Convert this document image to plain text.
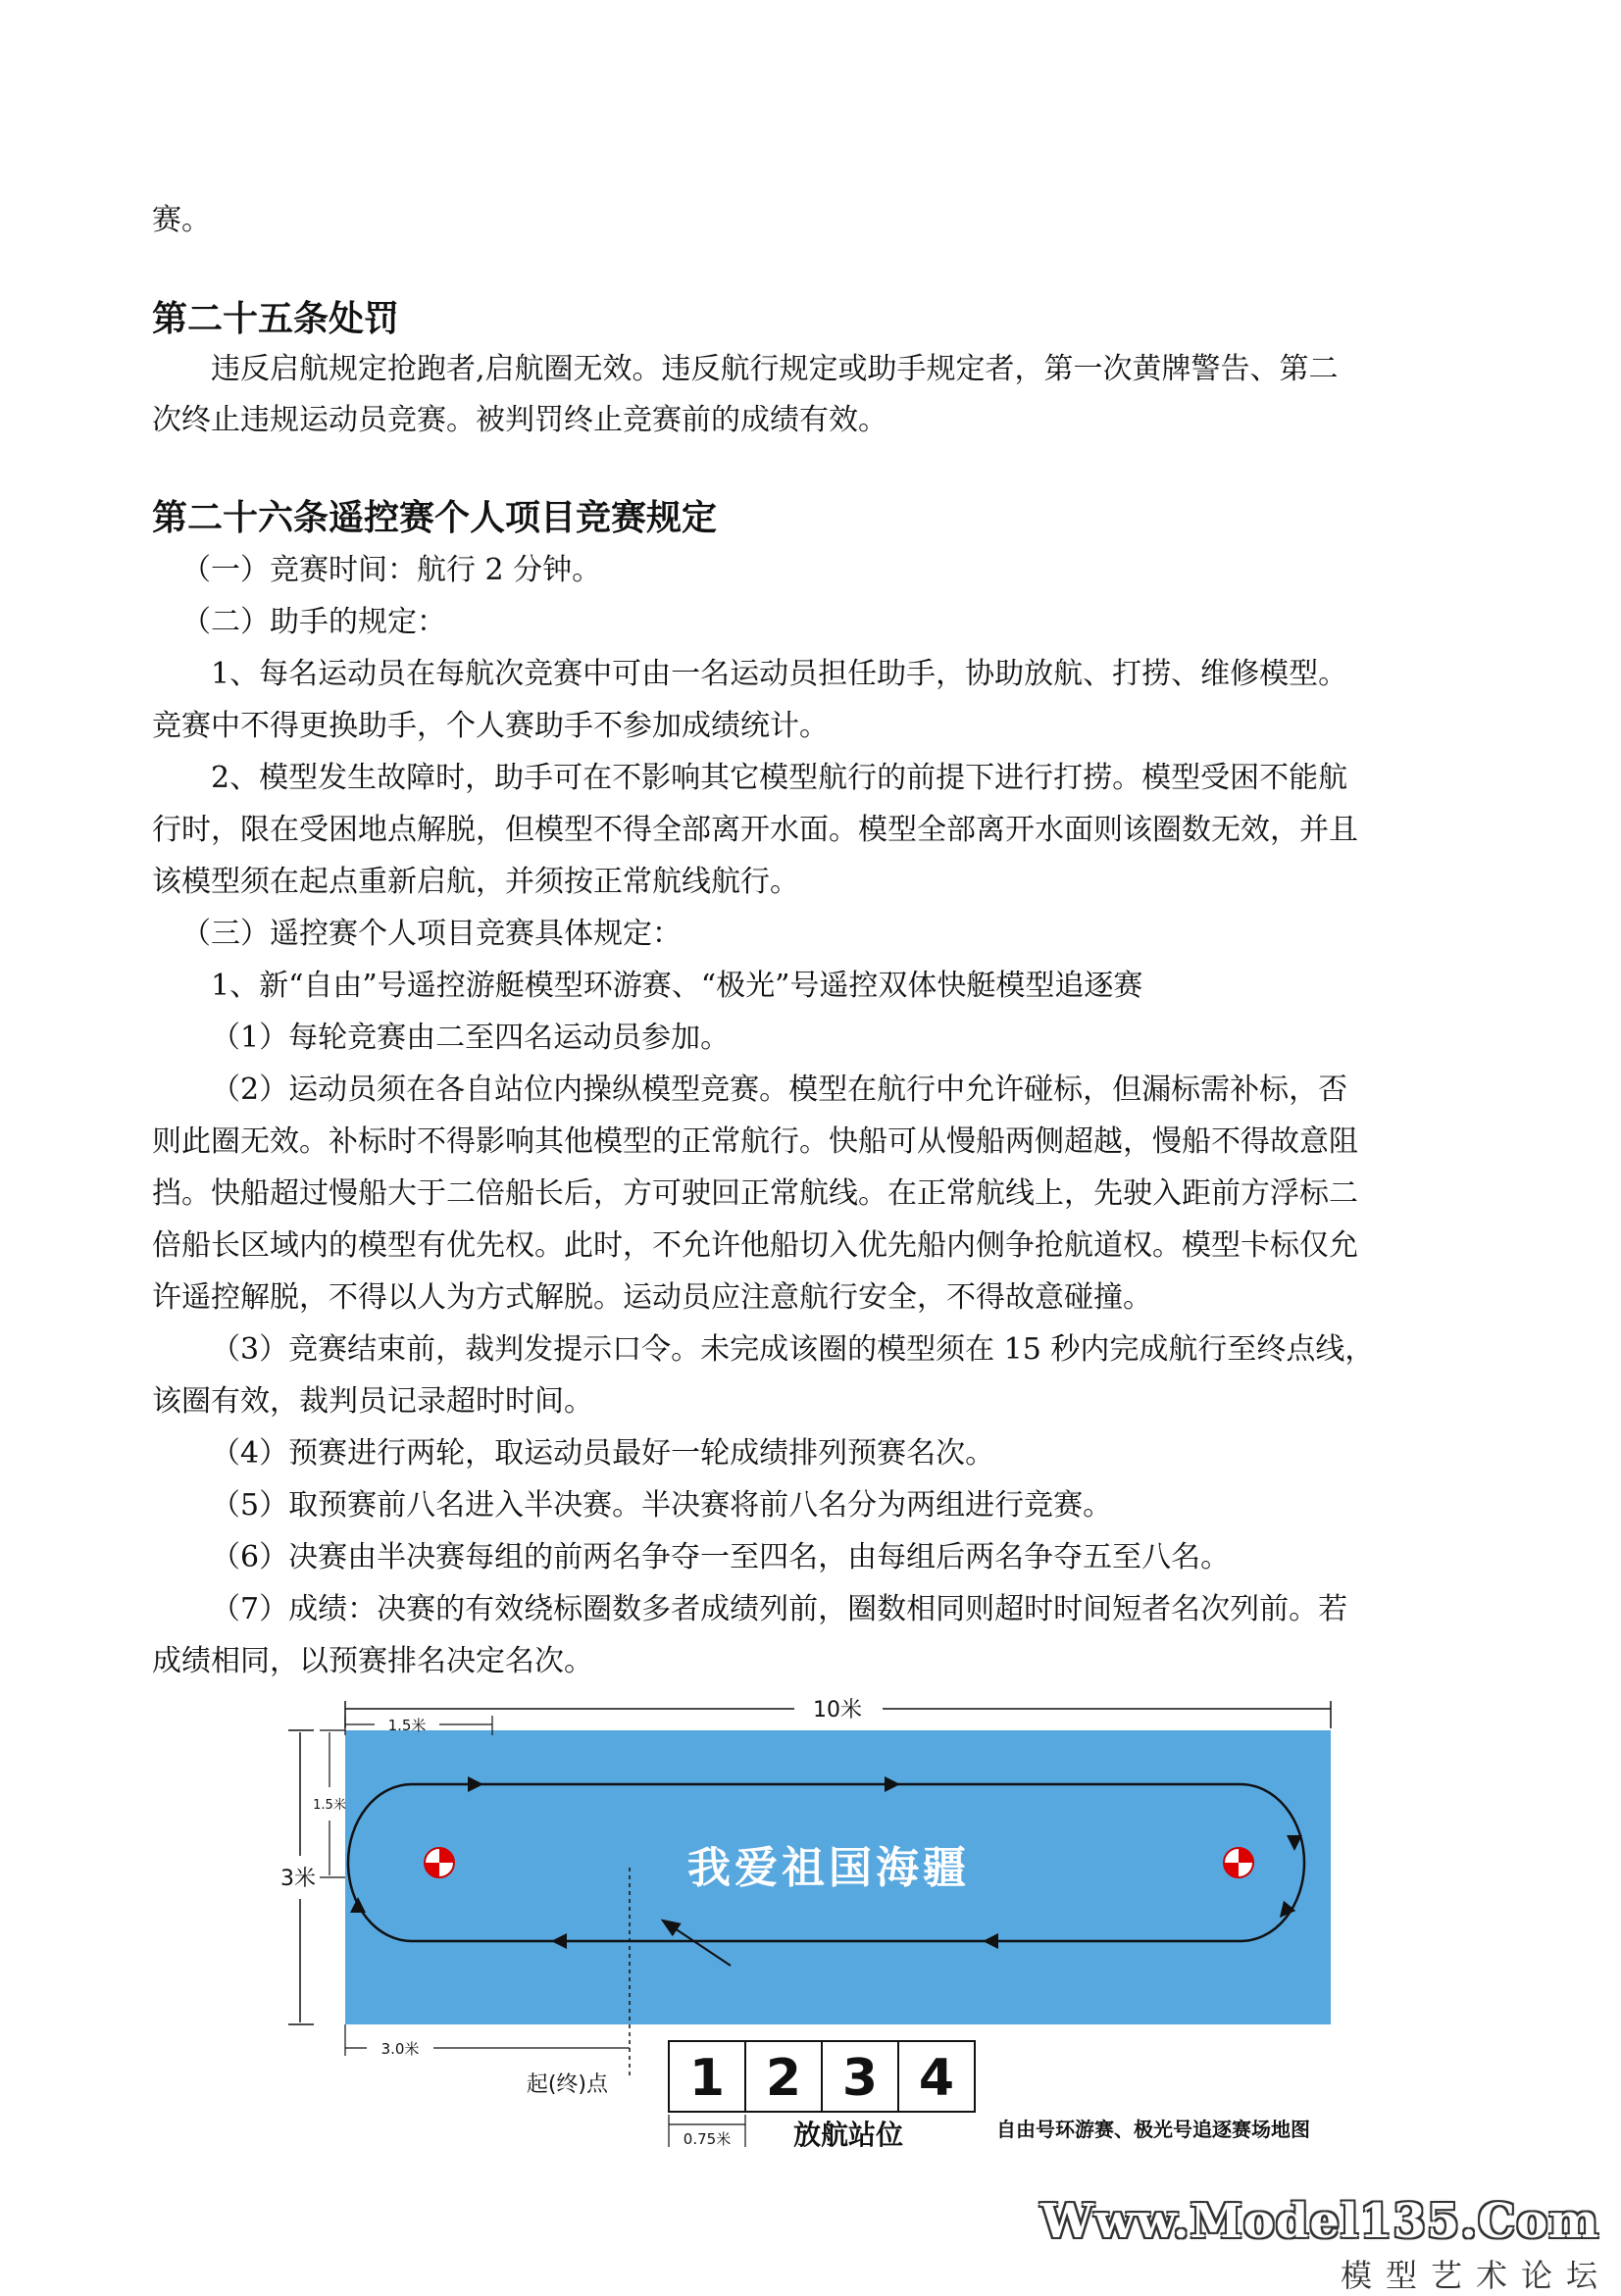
赛。

第二十五条处罚

违反启航规定抢跑者,启航圈无效。违反航行规定或助手规定者，第一次黄牌警告、第二

次终止违规运动员竞赛。被判罚终止竞赛前的成绩有效。

第二十六条遥控赛个人项目竞赛规定

（一）竞赛时间：航行 2 分钟。

（二）助手的规定：

1、每名运动员在每航次竞赛中可由一名运动员担任助手，协助放航、打捞、维修模型。

竞赛中不得更换助手，个人赛助手不参加成绩统计。

2、模型发生故障时，助手可在不影响其它模型航行的前提下进行打捞。模型受困不能航

行时，限在受困地点解脱，但模型不得全部离开水面。模型全部离开水面则该圈数无效，并且

该模型须在起点重新启航，并须按正常航线航行。

（三）遥控赛个人项目竞赛具体规定：

1、新“自由”号遥控游艇模型环游赛、“极光”号遥控双体快艇模型追逐赛

（1）每轮竞赛由二至四名运动员参加。

（2）运动员须在各自站位内操纵模型竞赛。模型在航行中允许碰标，但漏标需补标，否

则此圈无效。补标时不得影响其他模型的正常航行。快船可从慢船两侧超越，慢船不得故意阻

挡。快船超过慢船大于二倍船长后，方可驶回正常航线。在正常航线上，先驶入距前方浮标二

倍船长区域内的模型有优先权。此时，不允许他船切入优先船内侧争抢航道权。模型卡标仅允

许遥控解脱，不得以人为方式解脱。运动员应注意航行安全，不得故意碰撞。

（3）竞赛结束前，裁判发提示口令。未完成该圈的模型须在 15 秒内完成航行至终点线，

该圈有效，裁判员记录超时时间。

（4）预赛进行两轮，取运动员最好一轮成绩排列预赛名次。

（5）取预赛前八名进入半决赛。半决赛将前八名分为两组进行竞赛。

（6）决赛由半决赛每组的前两名争夺一至四名，由每组后两名争夺五至八名。

（7）成绩：决赛的有效绕标圈数多者成绩列前，圈数相同则超时时间短者名次列前。若

成绩相同，以预赛排名决定名次。

10米
1.5米
1.5米
3米	我爱祖国海疆
3.0米
起(终)点 1 2 3 4
0.75米 放航站位	自由号环游赛、极光号追逐赛场地图
Www.Model135.Com
模型艺术论坛
